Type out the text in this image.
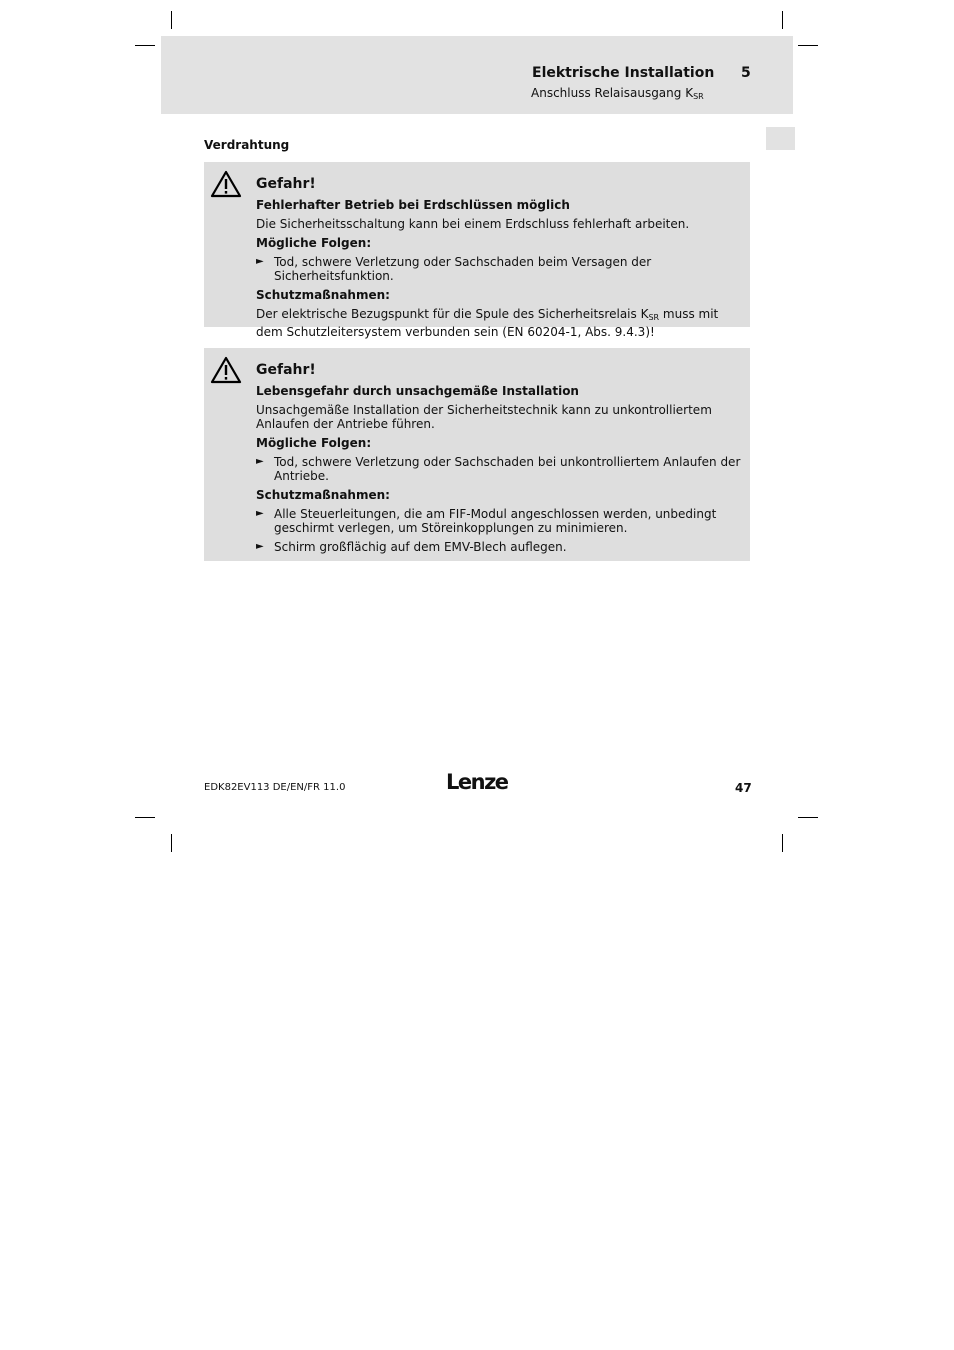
Elektrische Installation 5
Anschluss Relaisausgang $K_{SR}$
Verdrahtung
Gefahr!
Fehlerhafter Betrieb bei Erdschlüssen möglich
Die Sicherheitsschaltung kann bei einem Erdschluss fehlerhaft arbeiten.
Mögliche Folgen:
► Tod, schwere Verletzung oder Sachschaden beim Versagen der Sicherheitsfunktion.
Schutzmaßnahmen:
Der elektrische Bezugspunkt für die Spule des Sicherheitsrelais $K_{SR}$ muss mit dem Schutzleitersystem verbunden sein (EN 60204-1, Abs. 9.4.3)!
Gefahr!
Lebensgefahr durch unsachgemäße Installation
Unsachgemäße Installation der Sicherheitstechnik kann zu unkontrolliertem Anlaufen der Antriebe führen.
Mögliche Folgen:
► Tod, schwere Verletzung oder Sachschaden bei unkontrolliertem Anlaufen der Antriebe.
Schutzmaßnahmen:
► Alle Steuerleitungen, die am FIF-Modul angeschlossen werden, unbedingt geschirmt verlegen, um Störeinkopplungen zu minimieren.
► Schirm großflächig auf dem EMV-Blech auflegen.
EDK82EV113 DE/EN/FR 11.0	Lenze	47
